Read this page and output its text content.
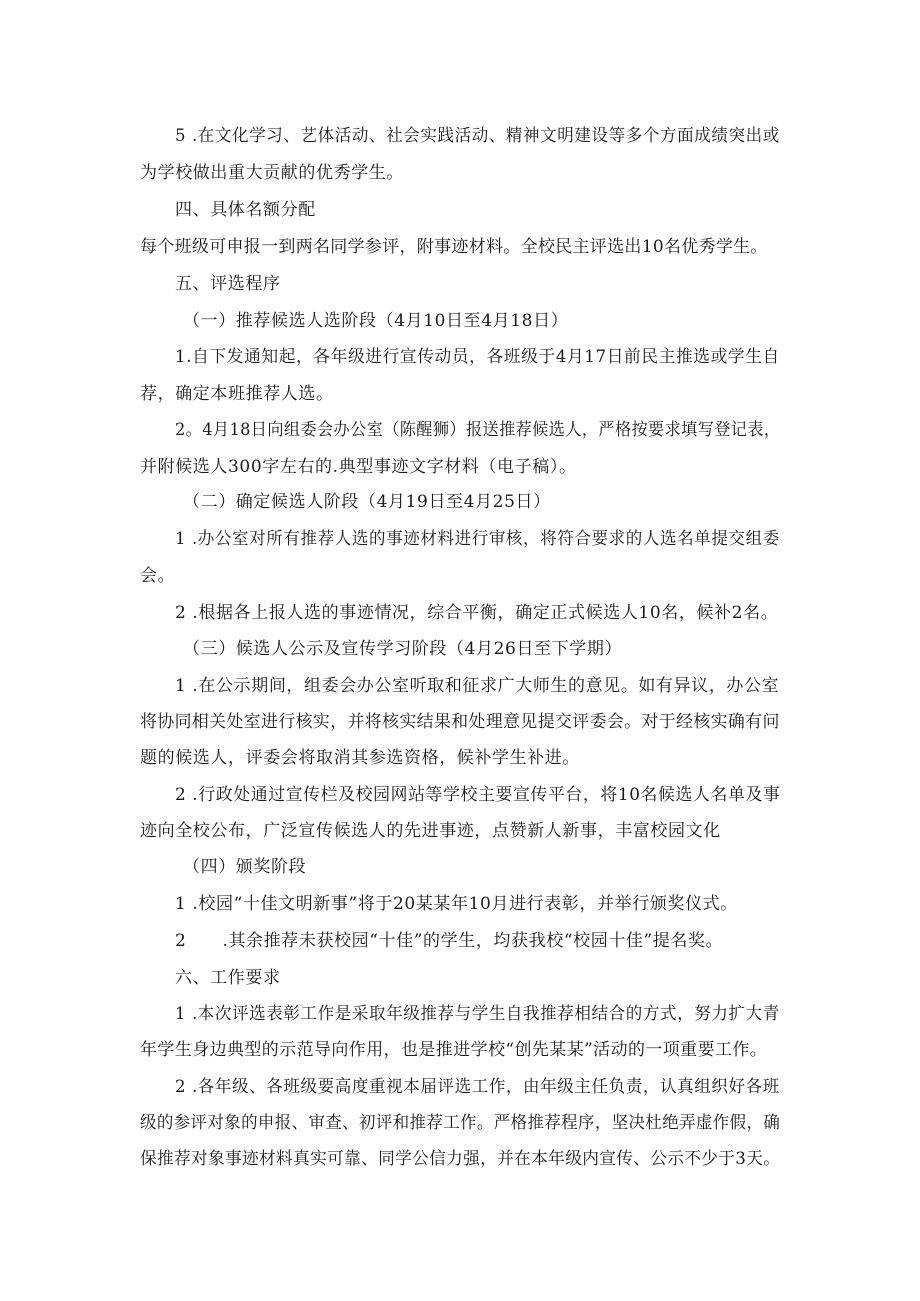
5 .在文化学习、艺体活动、社会实践活动、精神文明建设等多个方面成绩突出或
为学校做出重大贡献的优秀学生。
四、具体名额分配
每个班级可申报一到两名同学参评，附事迹材料。全校民主评选出10名优秀学生。
五、评选程序
（一）推荐候选人选阶段（4月10日至4月18日）
1.自下发通知起，各年级进行宣传动员，各班级于4月17日前民主推选或学生自
荐，确定本班推荐人选。
2。4月18日向组委会办公室（陈醒狮）报送推荐候选人，严格按要求填写登记表，
并附候选人300字左右的.典型事迹文字材料（电子稿）。
（二）确定候选人阶段（4月19日至4月25日）
1 .办公室对所有推荐人选的事迹材料进行审核，将符合要求的人选名单提交组委
会。
2 .根据各上报人选的事迹情况，综合平衡，确定正式候选人10名，候补2名。
（三）候选人公示及宣传学习阶段（4月26日至下学期）
1 .在公示期间，组委会办公室听取和征求广大师生的意见。如有异议，办公室
将协同相关处室进行核实，并将核实结果和处理意见提交评委会。对于经核实确有问
题的候选人，评委会将取消其参选资格，候补学生补进。
2 .行政处通过宣传栏及校园网站等学校主要宣传平台，将10名候选人名单及事
迹向全校公布，广泛宣传候选人的先进事迹，点赞新人新事，丰富校园文化
（四）颁奖阶段
1 .校园“十佳文明新事”将于20某某年10月进行表彰，并举行颁奖仪式。
2      .其余推荐未获校园“十佳”的学生，均获我校“校园十佳”提名奖。
六、工作要求
1 .本次评选表彰工作是采取年级推荐与学生自我推荐相结合的方式，努力扩大青
年学生身边典型的示范导向作用，也是推进学校“创先某某”活动的一项重要工作。
2 .各年级、各班级要高度重视本届评选工作，由年级主任负责，认真组织好各班
级的参评对象的申报、审查、初评和推荐工作。严格推荐程序，坚决杜绝弄虚作假，确
保推荐对象事迹材料真实可靠、同学公信力强，并在本年级内宣传、公示不少于3天。
